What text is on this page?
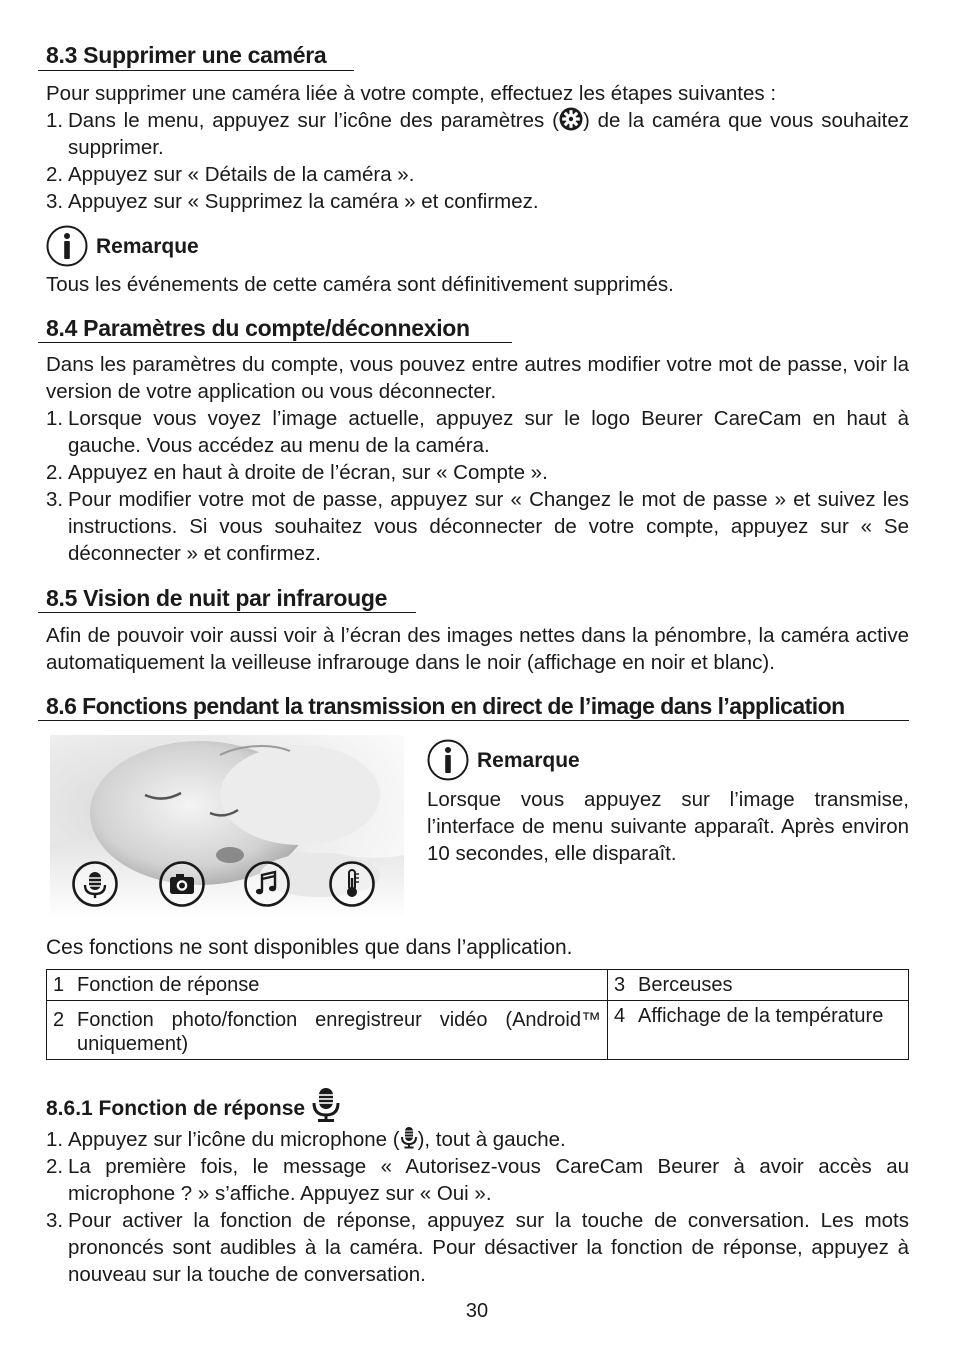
8.3 Supprimer une caméra

Pour supprimer une caméra liée à votre compte, effectuez les étapes suivantes :

1. Dans le menu, appuyez sur l’icône des paramètres ( ) de la caméra que vous souhaitez supprimer.
2. Appuyez sur « Détails de la caméra ».
3. Appuyez sur « Supprimez la caméra » et confirmez.
Remarque

Tous les événements de cette caméra sont définitivement supprimés.

8.4 Paramètres du compte/déconnexion

Dans les paramètres du compte, vous pouvez entre autres modifier votre mot de passe, voir la version de votre application ou vous déconnecter.

1. Lorsque vous voyez l’image actuelle, appuyez sur le logo Beurer CareCam en haut à gauche. Vous accédez au menu de la caméra.
2. Appuyez en haut à droite de l’écran, sur « Compte ».
3. Pour modifier votre mot de passe, appuyez sur « Changez le mot de passe » et suivez les instructions. Si vous souhaitez vous déconnecter de votre compte, appuyez sur « Se déconnecter » et confirmez.
8.5 Vision de nuit par infrarouge

Afin de pouvoir voir aussi voir à l’écran des images nettes dans la pénombre, la caméra active automatiquement la veilleuse infrarouge dans le noir (affichage en noir et blanc).

8.6 Fonctions pendant la transmission en direct de l’image dans l’application
Remarque

Lorsque vous appuyez sur l’image transmise, l’interface de menu suivante apparaît. Après environ 10 secondes, elle disparaît.

Ces fonctions ne sont disponibles que dans l’application.

1 Fonction de réponse	3 Berceuses

2 Fonction photo/fonction enregistreur vidéo (Android™ uniquement)	4 Affichage de la température
8.6.1 Fonction de réponse
1. Appuyez sur l’icône du microphone ( ), tout à gauche.
2. La première fois, le message « Autorisez-vous CareCam Beurer à avoir accès au microphone ? » s’affiche. Appuyez sur « Oui ».
3. Pour activer la fonction de réponse, appuyez sur la touche de conversation. Les mots prononcés sont audibles à la caméra. Pour désactiver la fonction de réponse, appuyez à nouveau sur la touche de conversation.
30
